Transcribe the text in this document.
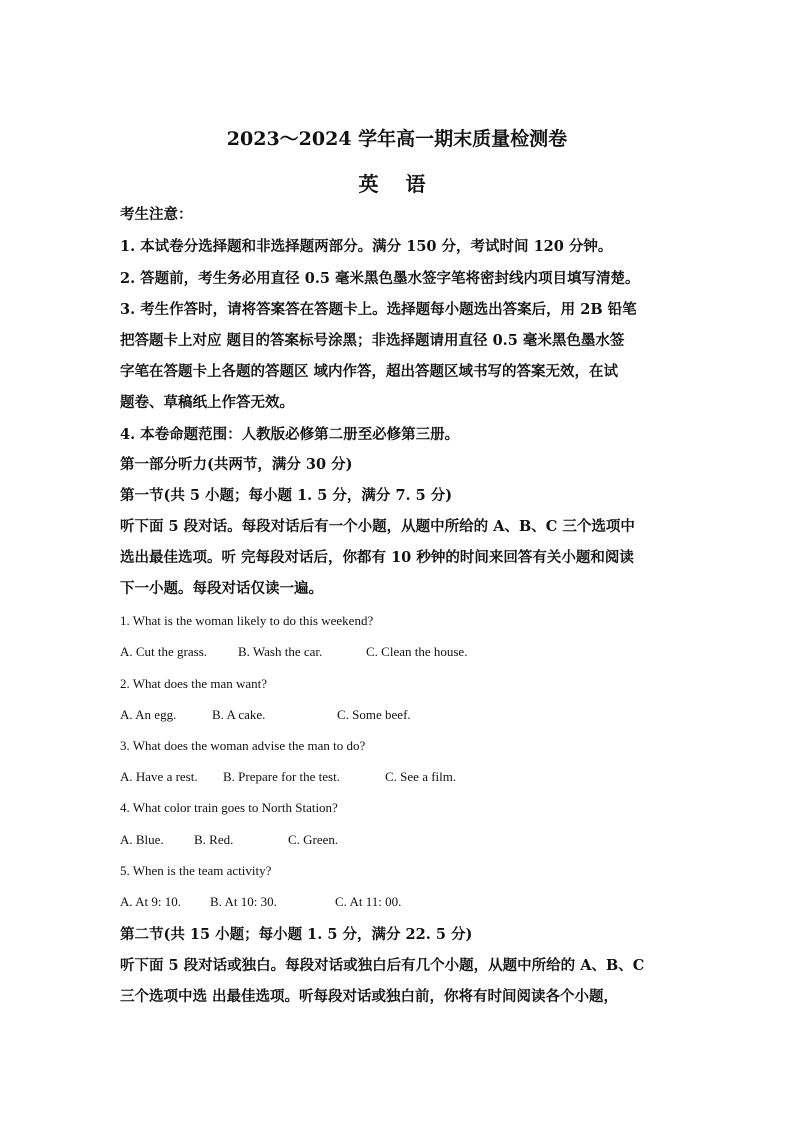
2023～2024 学年高一期末质量检测卷
英 语
考生注意：
1. 本试卷分选择题和非选择题两部分。满分 150 分，考试时间 120 分钟。
2. 答题前，考生务必用直径 0.5 毫米黑色墨水签字笔将密封线内项目填写清楚。
3. 考生作答时，请将答案答在答题卡上。选择题每小题选出答案后，用 2B 铅笔
把答题卡上对应 题目的答案标号涂黑；非选择题请用直径 0.5 毫米黑色墨水签
字笔在答题卡上各题的答题区 域内作答，超出答题区域书写的答案无效，在试
题卷、草稿纸上作答无效。
4. 本卷命题范围：人教版必修第二册至必修第三册。
第一部分听力(共两节，满分 30 分)
第一节(共 5 小题；每小题 1. 5 分，满分 7. 5 分)
听下面 5 段对话。每段对话后有一个小题，从题中所给的 A、B、C 三个选项中
选出最佳选项。听 完每段对话后，你都有 10 秒钟的时间来回答有关小题和阅读
下一小题。每段对话仅读一遍。
1. What is the woman likely to do this weekend?
A. Cut the grass. B. Wash the car.	C. Clean the house.
2. What does the man want?
A. An egg.	B. A cake.	C. Some beef.
3. What does the woman advise the man to do?
A. Have a rest. B. Prepare for the test.	C. See a film.
4. What color train goes to North Station?
A. Blue. B. Red.	C. Green.
5. When is the team activity?
A. At 9: 10. B. At 10: 30.	C. At 11: 00.
第二节(共 15 小题；每小题 1. 5 分，满分 22. 5 分)
听下面 5 段对话或独白。每段对话或独白后有几个小题，从题中所给的 A、B、C
三个选项中选 出最佳选项。听每段对话或独白前，你将有时间阅读各个小题，
